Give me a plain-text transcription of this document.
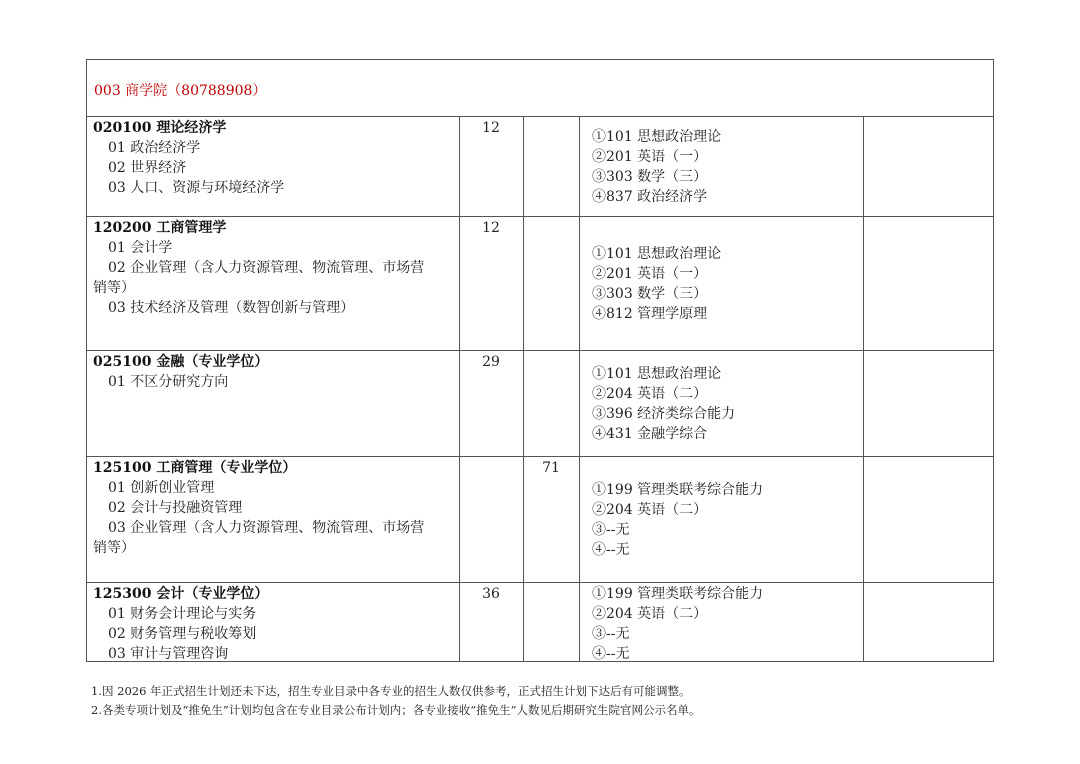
003 商学院（80788908）
020100 理论经济学
01 政治经济学
02 世界经济
03 人口、资源与环境经济学
12
①101 思想政治理论
②201 英语（一）
③303 数学（三）
④837 政治经济学
120200 工商管理学
01 会计学
02 企业管理（含人力资源管理、物流管理、市场营
销等）
03 技术经济及管理（数智创新与管理）
12
①101 思想政治理论
②201 英语（一）
③303 数学（三）
④812 管理学原理
025100 金融（专业学位）
01 不区分研究方向
29
①101 思想政治理论
②204 英语（二）
③396 经济类综合能力
④431 金融学综合
125100 工商管理（专业学位）
01 创新创业管理
02 会计与投融资管理
03 企业管理（含人力资源管理、物流管理、市场营
销等）
71
①199 管理类联考综合能力
②204 英语（二）
③--无
④--无
125300 会计（专业学位）
01 财务会计理论与实务
02 财务管理与税收筹划
03 审计与管理咨询
36	①199 管理类联考综合能力
②204 英语（二）
③--无
④--无
1.因 2026 年正式招生计划还未下达，招生专业目录中各专业的招生人数仅供参考，正式招生计划下达后有可能调整。
2.各类专项计划及“推免生”计划均包含在专业目录公布计划内；各专业接收“推免生”人数见后期研究生院官网公示名单。
